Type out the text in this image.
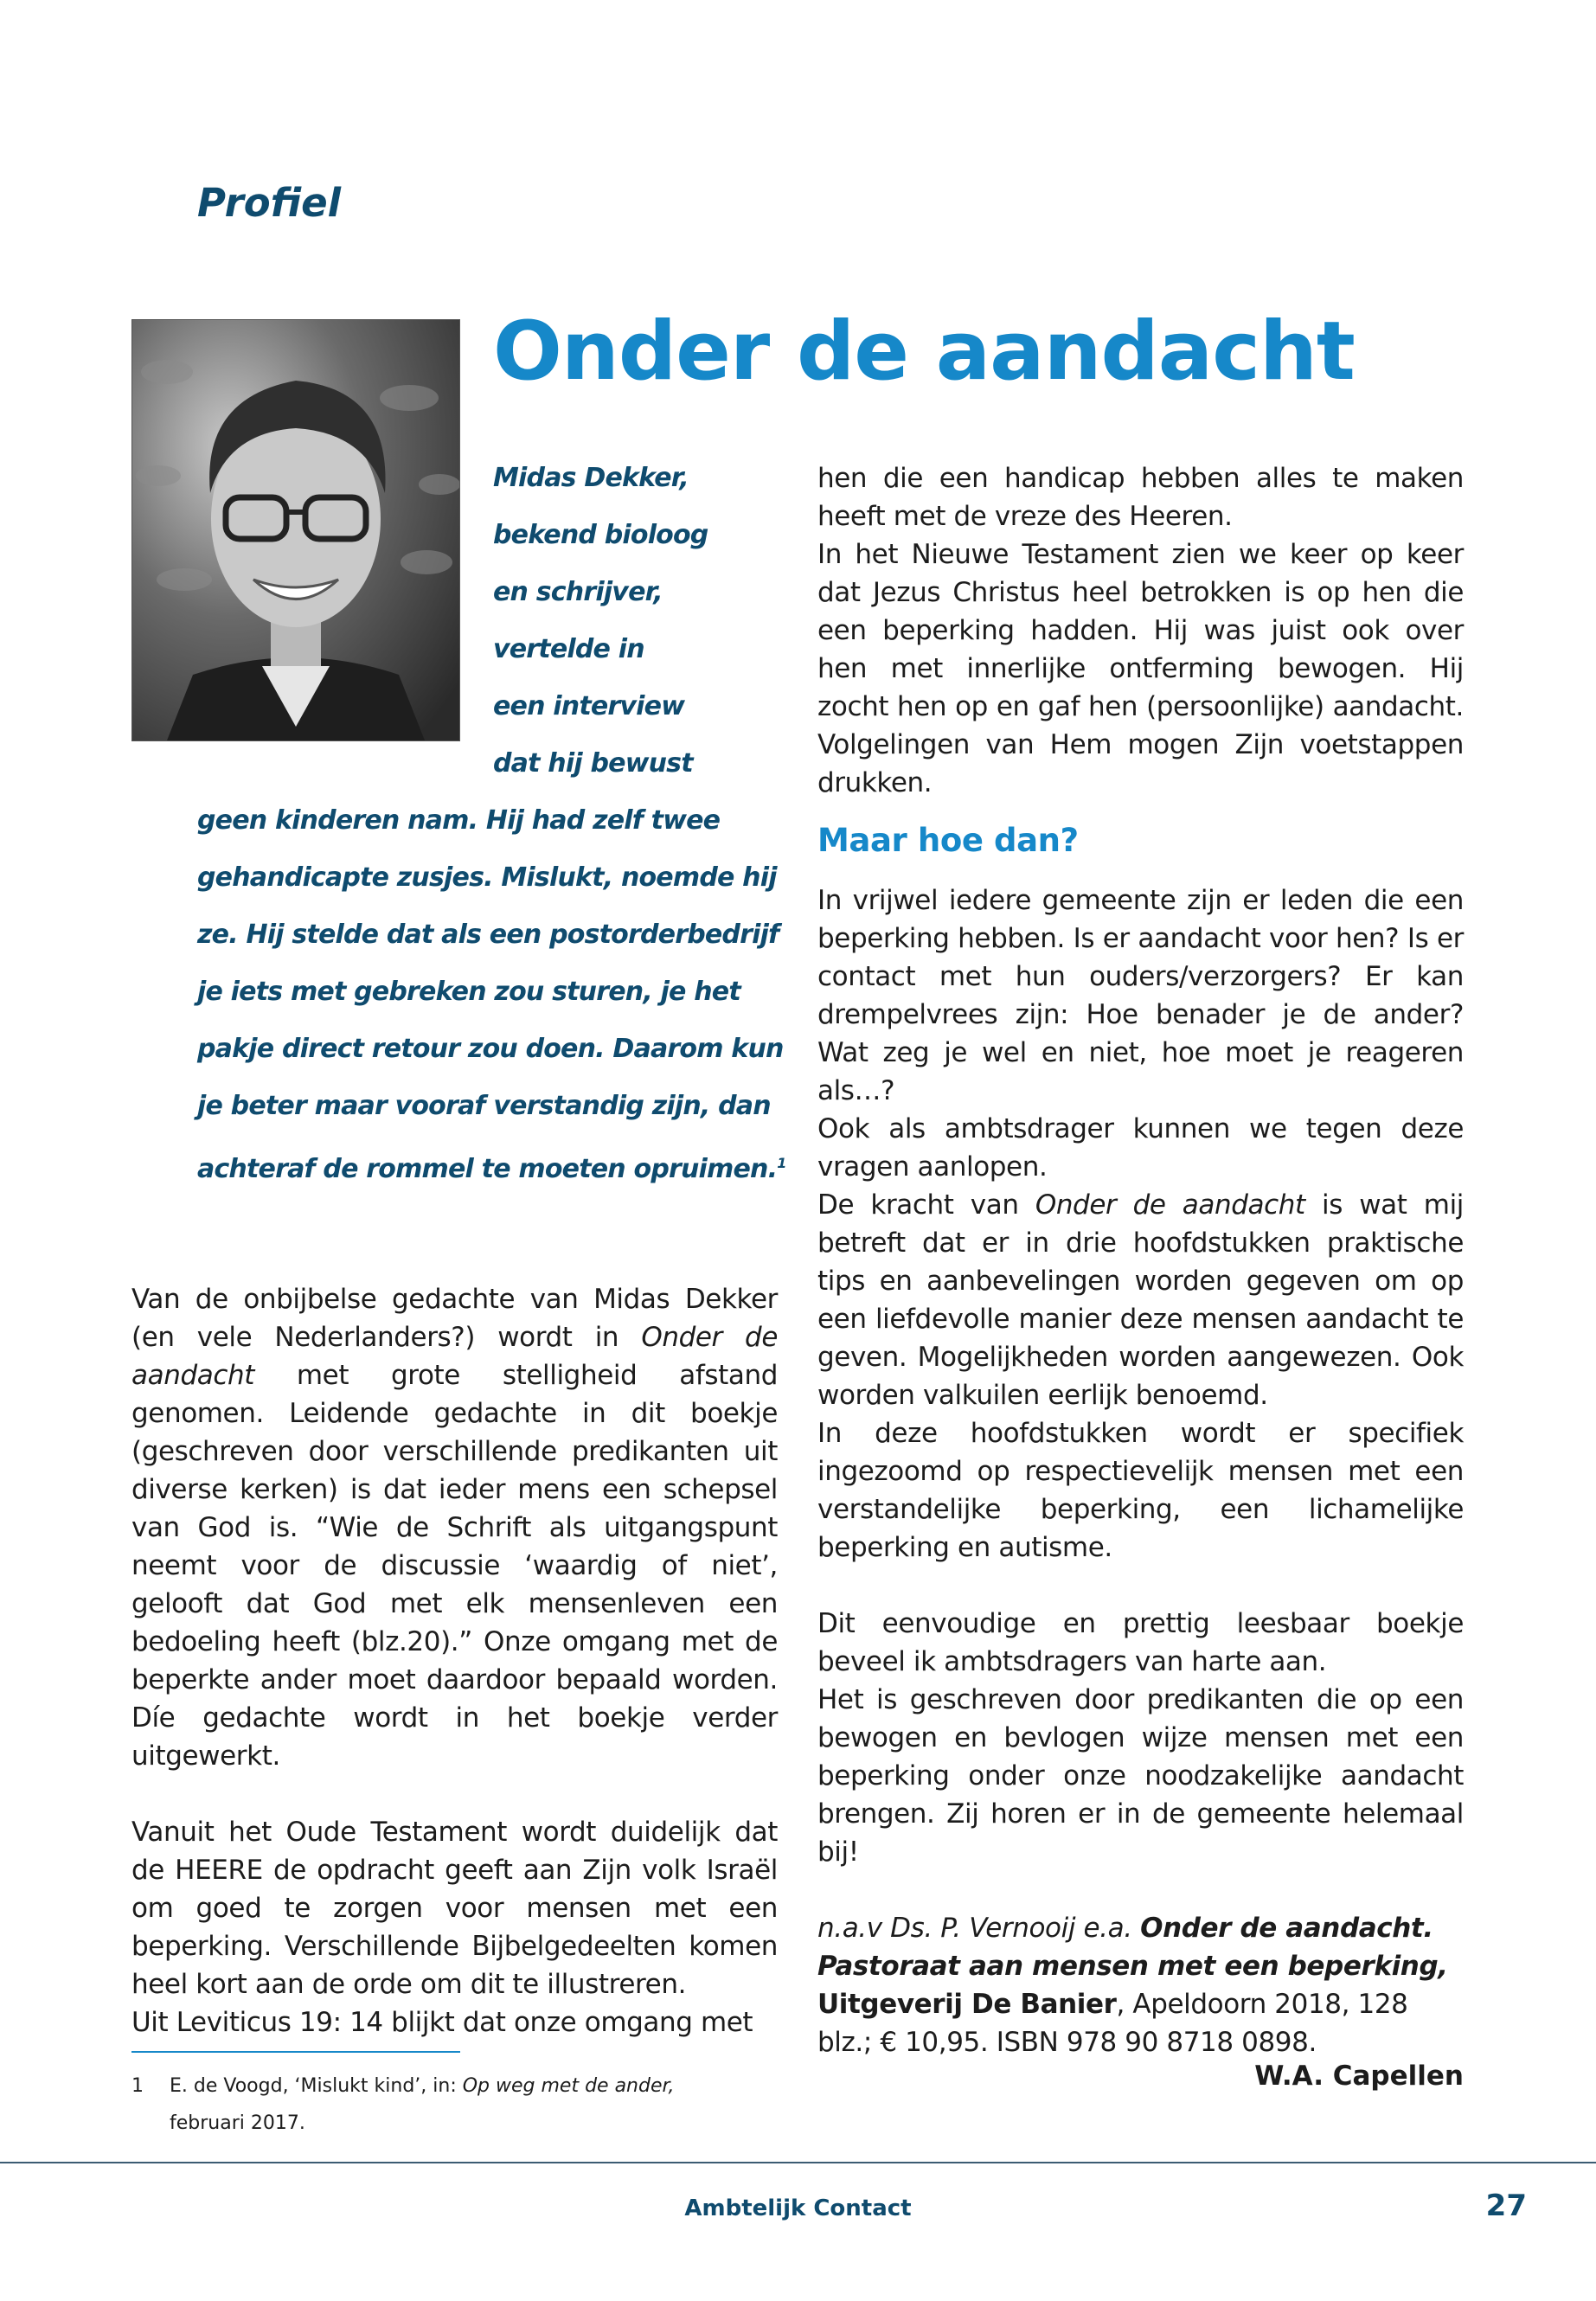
Profiel
Onder de aandacht
Midas Dekker,
bekend bioloog
en schrijver,
vertelde in
een interview
dat hij bewust
geen kinderen nam. Hij had zelf twee
gehandicapte zusjes. Mislukt, noemde hij
ze. Hij stelde dat als een postorderbedrijf
je iets met gebreken zou sturen, je het
pakje direct retour zou doen. Daarom kun
je beter maar vooraf verstandig zijn, dan
achteraf de rommel te moeten opruimen.$^1$

Van de onbijbelse gedachte van Midas Dekker (en vele Nederlanders?) wordt in Onder de aandacht met grote stelligheid afstand genomen. Leidende gedachte in dit boekje (geschreven door verschillende predikanten uit diverse kerken) is dat ieder mens een schepsel van God is. “Wie de Schrift als uitgangspunt neemt voor de discussie ‘waardig of niet’, gelooft dat God met elk mensenleven een bedoeling heeft (blz.20).” Onze omgang met de beperkte ander moet daardoor bepaald worden. Díe gedachte wordt in het boekje verder uitgewerkt.

Vanuit het Oude Testament wordt duidelijk dat de HEERE de opdracht geeft aan Zijn volk Israël om goed te zorgen voor mensen met een beperking. Verschillende Bijbelgedeelten komen heel kort aan de orde om dit te illustreren.

Uit Leviticus 19: 14 blijkt dat onze omgang met

hen die een handicap hebben alles te maken heeft met de vreze des Heeren.

In het Nieuwe Testament zien we keer op keer dat Jezus Christus heel betrokken is op hen die een beperking hadden. Hij was juist ook over hen met innerlijke ontferming bewogen. Hij zocht hen op en gaf hen (persoonlijke) aandacht. Volgelingen van Hem mogen Zijn voetstappen drukken.

Maar hoe dan?

In vrijwel iedere gemeente zijn er leden die een beperking hebben. Is er aandacht voor hen? Is er contact met hun ouders/verzorgers? Er kan drempelvrees zijn: Hoe benader je de ander? Wat zeg je wel en niet, hoe moet je reageren als…?

Ook als ambtsdrager kunnen we tegen deze vragen aanlopen.

De kracht van Onder de aandacht is wat mij betreft dat er in drie hoofdstukken praktische tips en aanbevelingen worden gegeven om op een liefdevolle manier deze mensen aandacht te geven. Mogelijkheden worden aangewezen. Ook worden valkuilen eerlijk benoemd.

In deze hoofdstukken wordt er specifiek ingezoomd op respectievelijk mensen met een verstandelijke beperking, een lichamelijke beperking en autisme.

Dit eenvoudige en prettig leesbaar boekje beveel ik ambtsdragers van harte aan.

Het is geschreven door predikanten die op een bewogen en bevlogen wijze mensen met een beperking onder onze noodzakelijke aandacht brengen. Zij horen er in de gemeente helemaal bij!

n.a.v Ds. P. Vernooij e.a. Onder de aandacht. Pastoraat aan mensen met een beperking,
Uitgeverij De Banier, Apeldoorn 2018, 128 blz.; € 10,95. ISBN 978 90 8718 0898.

W.A. Capellen

1	E. de Voogd, ‘Mislukt kind’, in: Op weg met de ander, februari 2017.
Ambtelijk Contact	27
